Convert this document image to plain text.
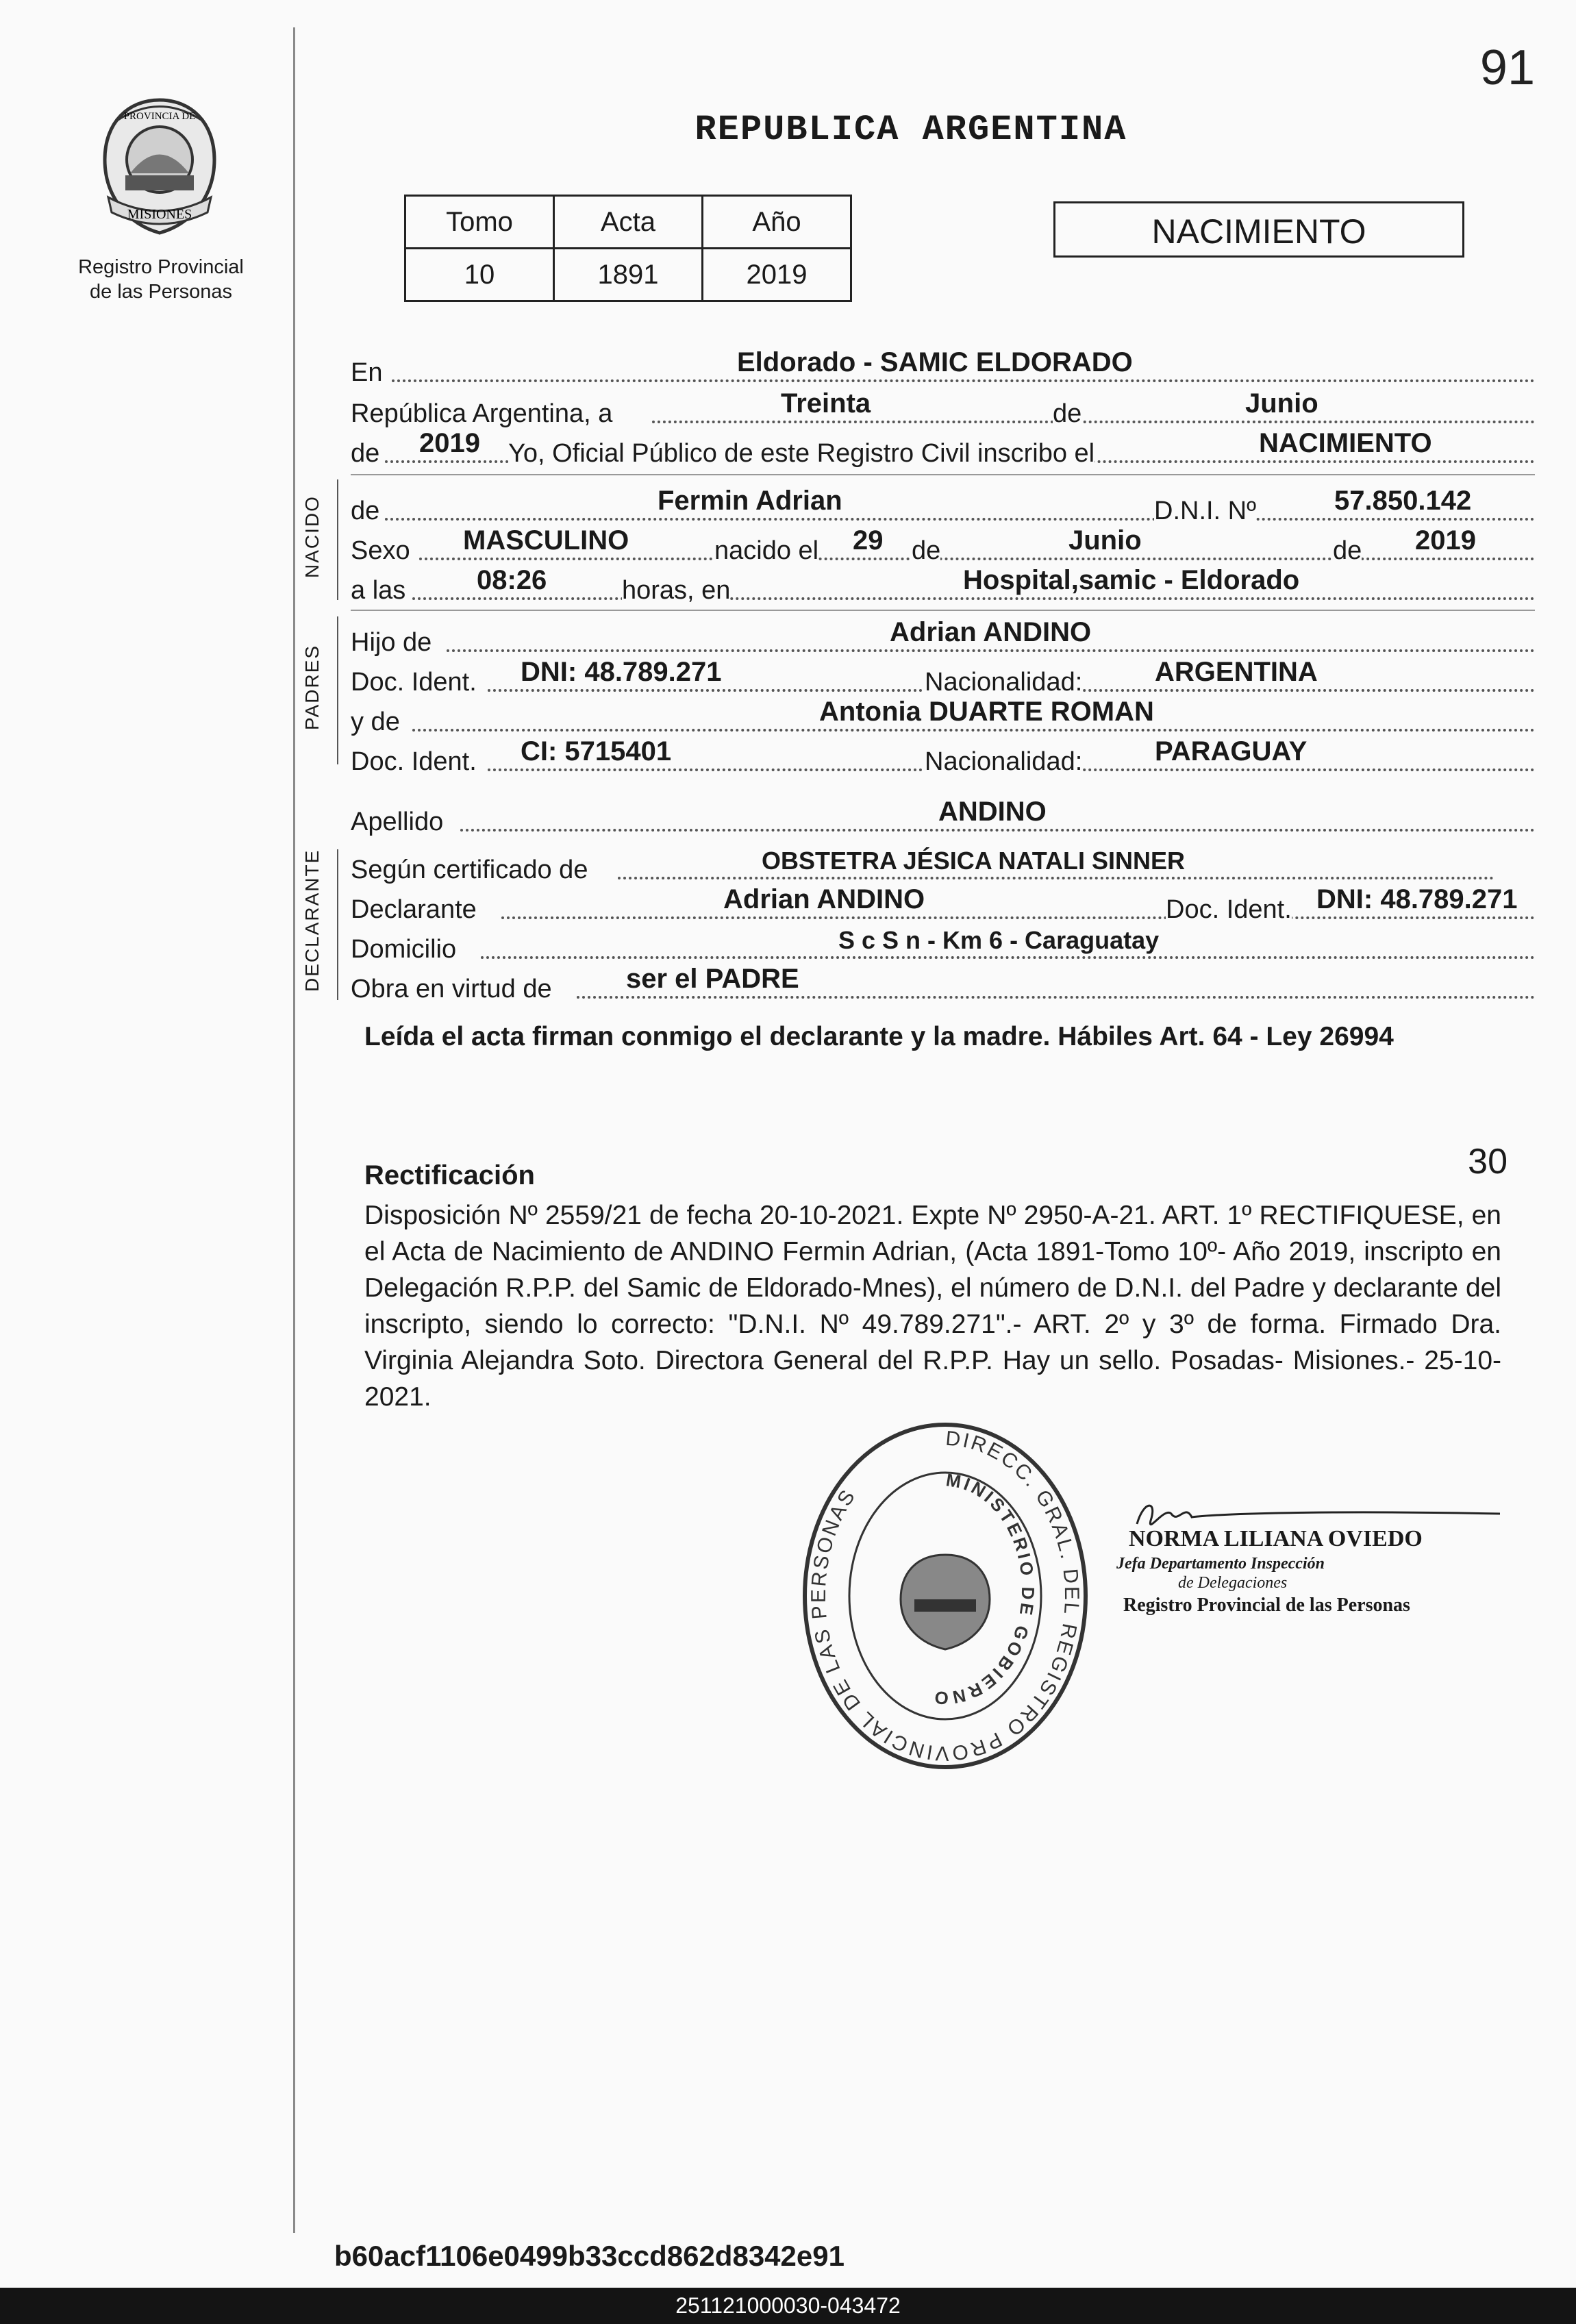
91
PROVINCIA DE
MISIONES
Registro Provincial
de las Personas
REPUBLICA ARGENTINA
Tomo	Acta	Año
10	1891	2019
NACIMIENTO
En	Eldorado - SAMIC ELDORADO
República Argentina, a	Treinta	de	Junio
de 2019 Yo, Oficial Público de este Registro Civil inscribo el	NACIMIENTO
NACIDO de	Fermin Adrian	D.N.I. Nº	57.850.142
Sexo MASCULINO	nacido el 29 de	Junio	de 2019
a las	08:26	horas, en	Hospital,samic - Eldorado
PADRES
Hijo de	Adrian ANDINO
Doc. Ident. DNI: 48.789.271	Nacionalidad:	ARGENTINA
y de	Antonia DUARTE ROMAN
Doc. Ident. CI: 5715401	Nacionalidad:	PARAGUAY
Apellido	ANDINO
DECLARANTE Según certificado de	OBSTETRA JÉSICA NATALI SINNER
Declarante	Adrian ANDINO	Doc. Ident. DNI: 48.789.271
Domicilio	S c S n - Km 6 - Caraguatay
Obra en virtud de	ser el PADRE
Leída el acta firman conmigo el declarante y la madre. Hábiles Art. 64 - Ley 26994
Rectificación	30
Disposición Nº 2559/21 de fecha 20-10-2021. Expte Nº 2950-A-21. ART. 1º RECTIFIQUESE, en el Acta de Nacimiento de ANDINO Fermin Adrian, (Acta 1891-Tomo 10º- Año 2019, inscripto en Delegación R.P.P. del Samic de Eldorado-Mnes), el número de D.N.I. del Padre y declarante del inscripto, siendo lo correcto: "D.N.I. Nº 49.789.271".- ART. 2º y 3º de forma. Firmado Dra. Virginia Alejandra Soto. Directora General del R.P.P. Hay un sello. Posadas- Misiones.- 25-10-2021.
DIRECC. GRAL. DEL REGISTRO PROVINCIAL DE LAS PERSONAS
MINISTERIO DE GOBIERNO
NORMA LILIANA OVIEDO
Jefa Departamento Inspección
de Delegaciones
Registro Provincial de las Personas
b60acf1106e0499b33ccd862d8342e91
251121000030-043472
